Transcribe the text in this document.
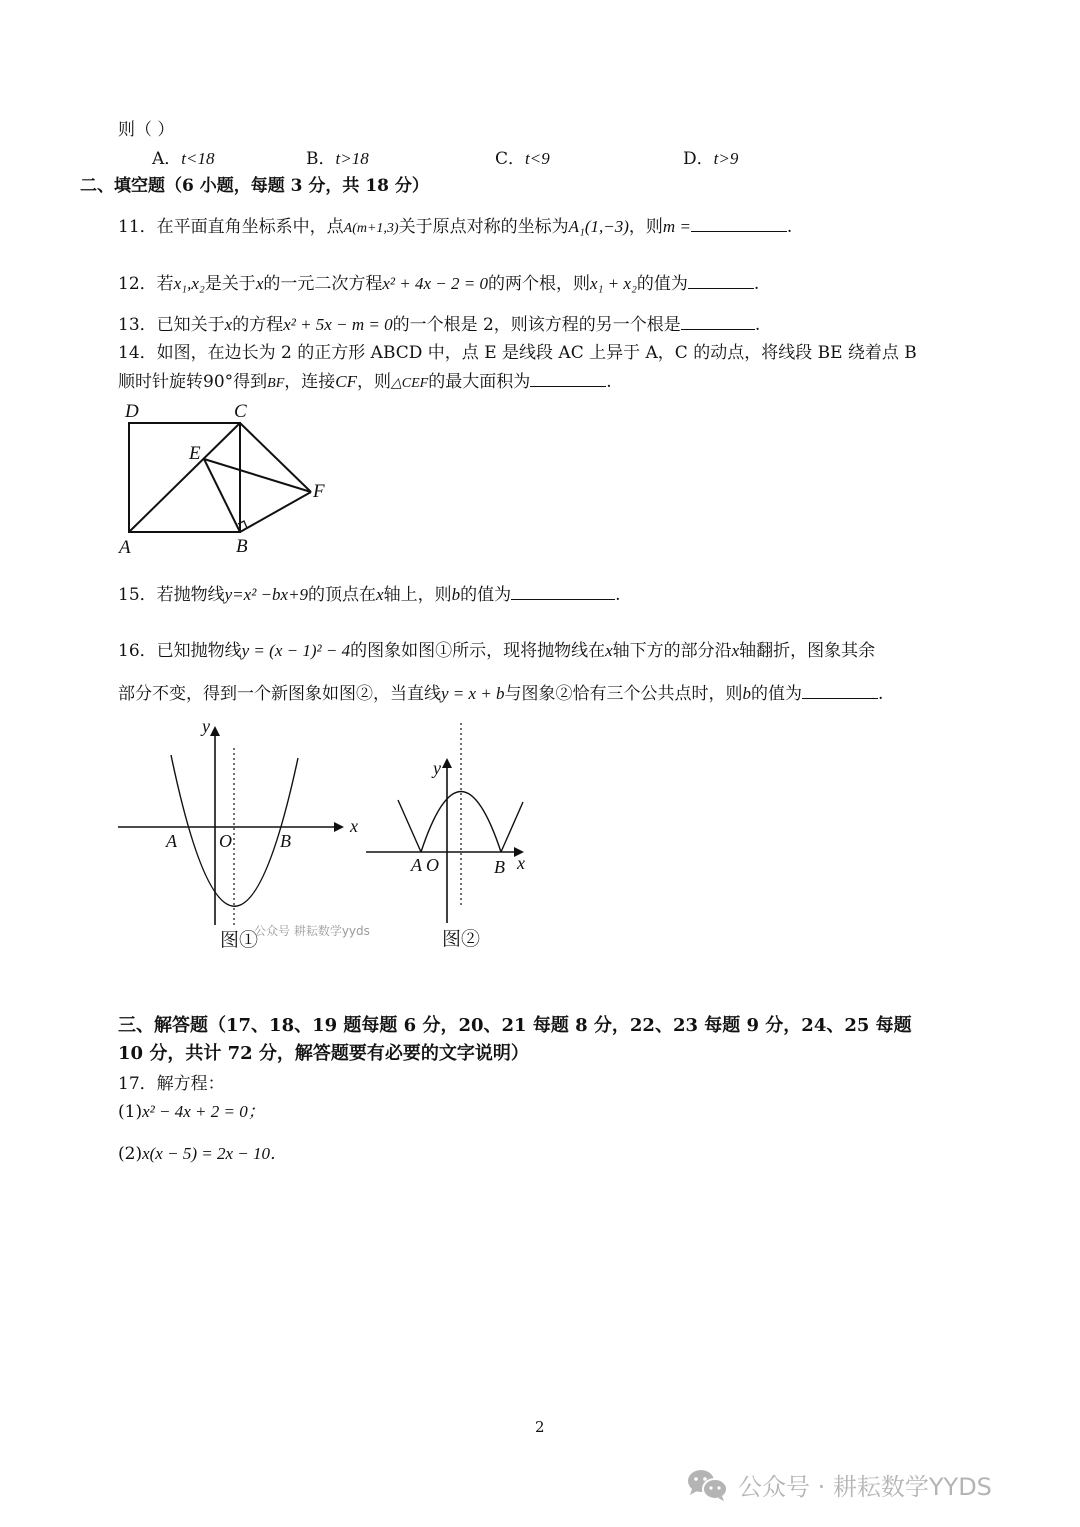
则（ ）
A．t<18	B．t>18	C．t<9	D．t>9
二、填空题（6 小题，每题 3 分，共 18 分）
11．在平面直角坐标系中，点A(m+1,3)关于原点对称的坐标为A₁(1,−3)，则m =	.
12．若x₁,x₂是关于x的一元二次方程x² + 4x − 2 = 0的两个根，则x₁ + x₂的值为	.
13．已知关于x的方程x² + 5x − m = 0的一个根是 2，则该方程的另一个根是	.
14．如图，在边长为 2 的正方形 ABCD 中，点 E 是线段 AC 上异于 A，C 的动点，将线段 BE 绕着点 B
顺时针旋转90°得到BF，连接CF，则△CEF的最大面积为	.
D	C
E
F
A	B
15．若抛物线y=x² −bx+9的顶点在x轴上，则b的值为	.
16．已知抛物线y = (x − 1)² − 4的图象如图①所示，现将抛物线在x轴下方的部分沿x轴翻折，图象其余
部分不变，得到一个新图象如图②，当直线y = x + b与图象②恰有三个公共点时，则b的值为	.
y
x
A O	B
图①
公众号 耕耘数学yyds
y
x
A O	B
图②
三、解答题（17、18、19 题每题 6 分，20、21 每题 8 分，22、23 每题 9 分，24、25 每题
10 分，共计 72 分，解答题要有必要的文字说明）
17．解方程：
(1)x² − 4x + 2 = 0；
(2)x(x − 5) = 2x − 10．
2
公众号 · 耕耘数学YYDS
